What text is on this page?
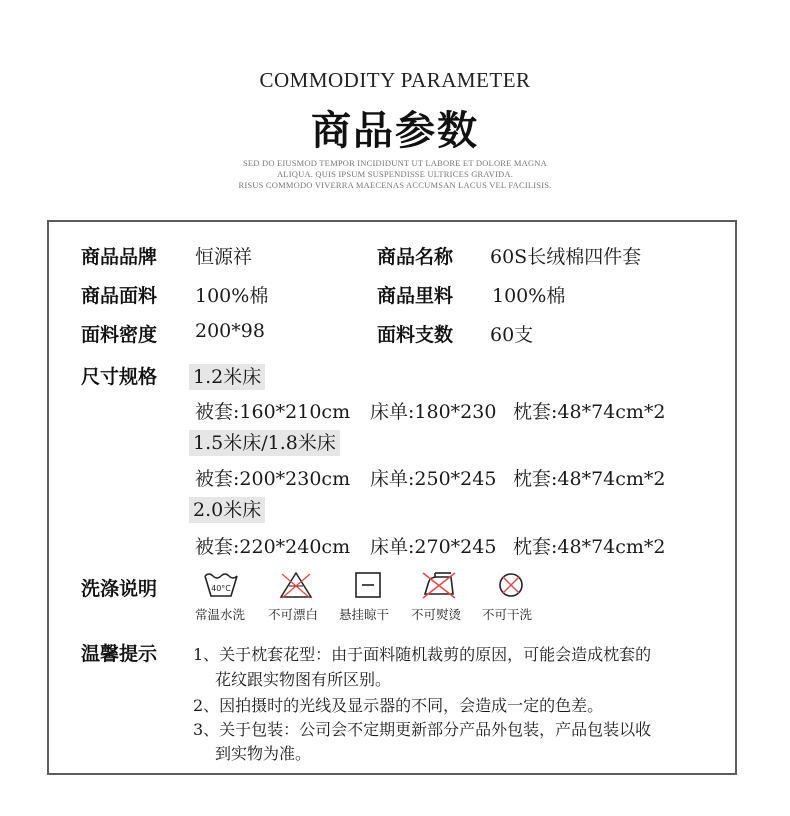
COMMODITY PARAMETER
商品参数
SED DO EIUSMOD TEMPOR INCIDIDUNT UT LABORE ET DOLORE MAGNA
ALIQUA. QUIS IPSUM SUSPENDISSE ULTRICES GRAVIDA.
RISUS COMMODO VIVERRA MAECENAS ACCUMSAN LACUS VEL FACILISIS.
商品品牌 恒源祥	商品名称 60S长绒棉四件套
商品面料 100%棉	商品里料 100%棉
面料密度 200*98	面料支数 60支
尺寸规格 1.2米床
被套:160*210cm 床单:180*230 枕套:48*74cm*2
1.5米床/1.8米床
被套:200*230cm 床单:250*245 枕套:48*74cm*2
2.0米床
被套:220*240cm 床单:270*245 枕套:48*74cm*2
洗涤说明	40°C
常温水洗 不可漂白 悬挂晾干 不可熨烫 不可干洗
温馨提示 1、关于枕套花型：由于面料随机裁剪的原因，可能会造成枕套的
花纹跟实物图有所区别。
2、因拍摄时的光线及显示器的不同，会造成一定的色差。
3、关于包装：公司会不定期更新部分产品外包装，产品包装以收
到实物为准。
